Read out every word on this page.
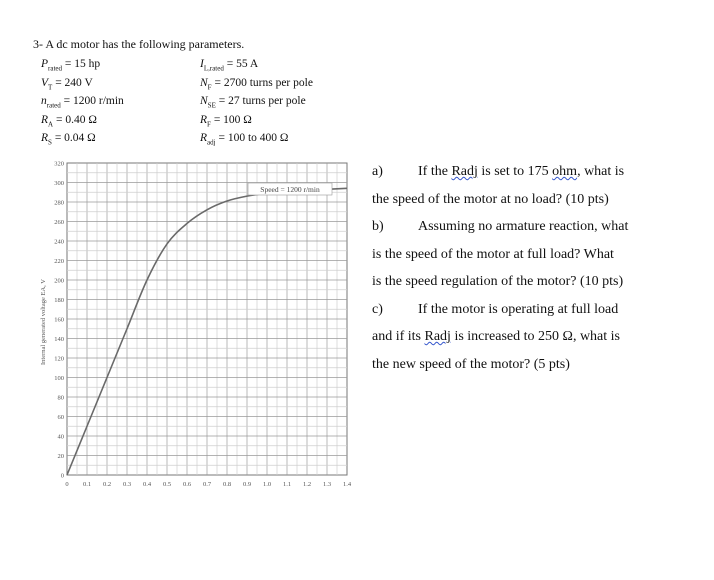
3- A dc motor has the following parameters.
0 0.1 0.2 0.3 0.4 0.5 0.6 0.7 0.8 0.9 1.0 1.1 1.2 1.3 1.4
0
20
40
60
80
100
120
140
160
180
200
220
240
260
280
300
320
Speed = 1200 r/min
Internal generated voltage EA, V
a)	If the Radj is set to 175 ohm, what is
the speed of the motor at no load? (10 pts)
b) Assuming no armature reaction, what
is the speed of the motor at full load? What
is the speed regulation of the motor? (10 pts)
c)	If the motor is operating at full load
and if its Radj is increased to 250 Ω, what is
the new speed of the motor? (5 pts)
$P_{rated} = 15$ hp
$V_T = 240$ V
$n_{rated} = 1200$ r/min
$R_A = 0.40$ Ω
$R_S = 0.04$ Ω
$I_{L,rated} = 55$ A
$N_F = 2700$ turns per pole
$N_{SE} = 27$ turns per pole
$R_F = 100$ Ω
$R_{adj} = 100$ to 400 Ω
